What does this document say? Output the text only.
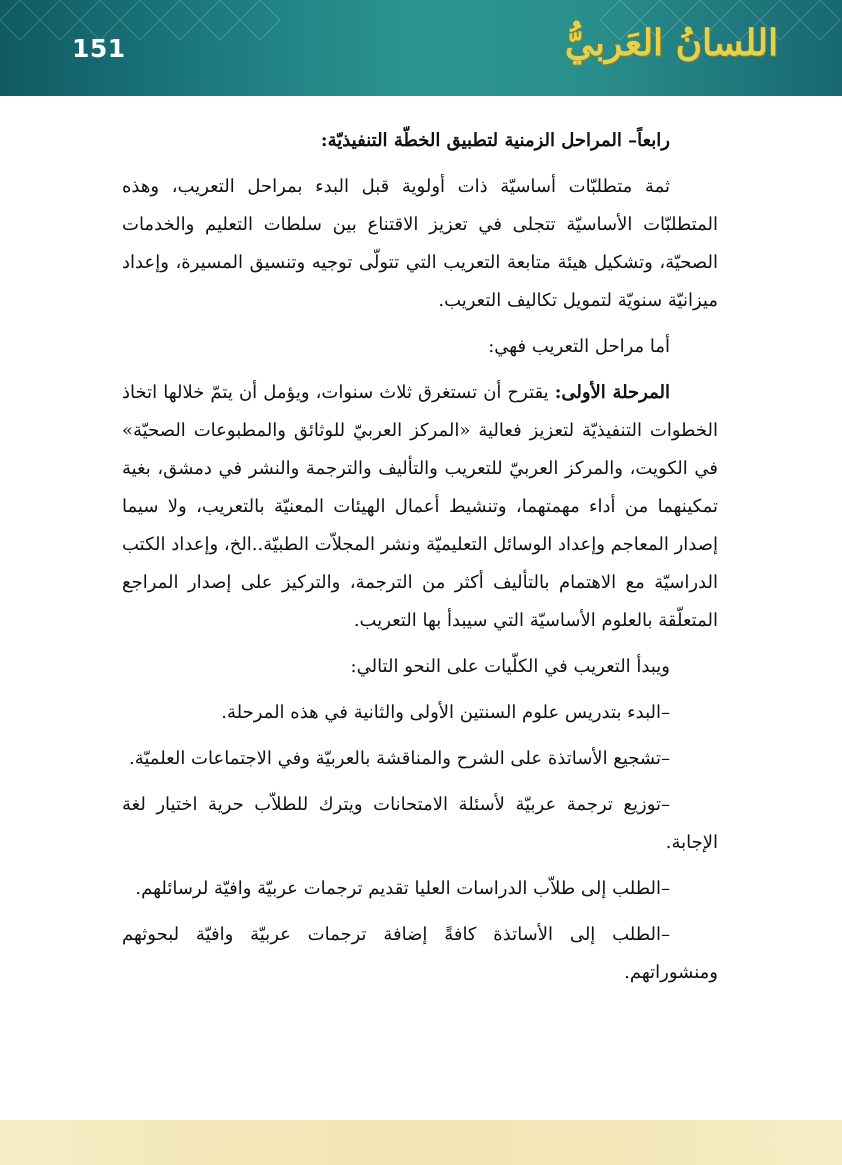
151	اللسانُ العَربيُّ

رابعاً– المراحل الزمنية لتطبيق الخطّة التنفيذيّة:

ثمة متطلبّات أساسيّة ذات أولوية قبل البدء بمراحل التعريب، وهذه المتطلبّات الأساسيّة تتجلى في تعزيز الاقتناع بين سلطات التعليم والخدمات الصحيّة، وتشكيل هيئة متابعة التعريب التي تتولّى توجيه وتنسيق المسيرة، وإعداد ميزانيّة سنويّة لتمويل تكاليف التعريب.

أما مراحل التعريب فهي:

المرحلة الأولى: يقترح أن تستغرق ثلاث سنوات، ويؤمل أن يتمّ خلالها اتخاذ الخطوات التنفيذيّة لتعزيز فعالية «المركز العربيّ للوثائق والمطبوعات الصحيّة» في الكويت، والمركز العربيّ للتعريب والتأليف والترجمة والنشر في دمشق، بغية تمكينهما من أداء مهمتهما، وتنشيط أعمال الهيئات المعنيّة بالتعريب، ولا سيما إصدار المعاجم وإعداد الوسائل التعليميّة ونشر المجلاّت الطبيّة..الخ، وإعداد الكتب الدراسيّة مع الاهتمام بالتأليف أكثر من الترجمة، والتركيز على إصدار المراجع المتعلّقة بالعلوم الأساسيّة التي سيبدأ بها التعريب.

ويبدأ التعريب في الكلّيات على النحو التالي:

–البدء بتدريس علوم السنتين الأولى والثانية في هذه المرحلة.

–تشجيع الأساتذة على الشرح والمناقشة بالعربيّة وفي الاجتماعات العلميّة.

–توزيع ترجمة عربيّة لأسئلة الامتحانات ويترك للطلاّب حرية اختيار لغة الإجابة.

–الطلب إلى طلاّب الدراسات العليا تقديم ترجمات عربيّة وافيّة لرسائلهم.

–الطلب إلى الأساتذة كافةً إضافة ترجمات عربيّة وافيّة لبحوثهم ومنشوراتهم.
